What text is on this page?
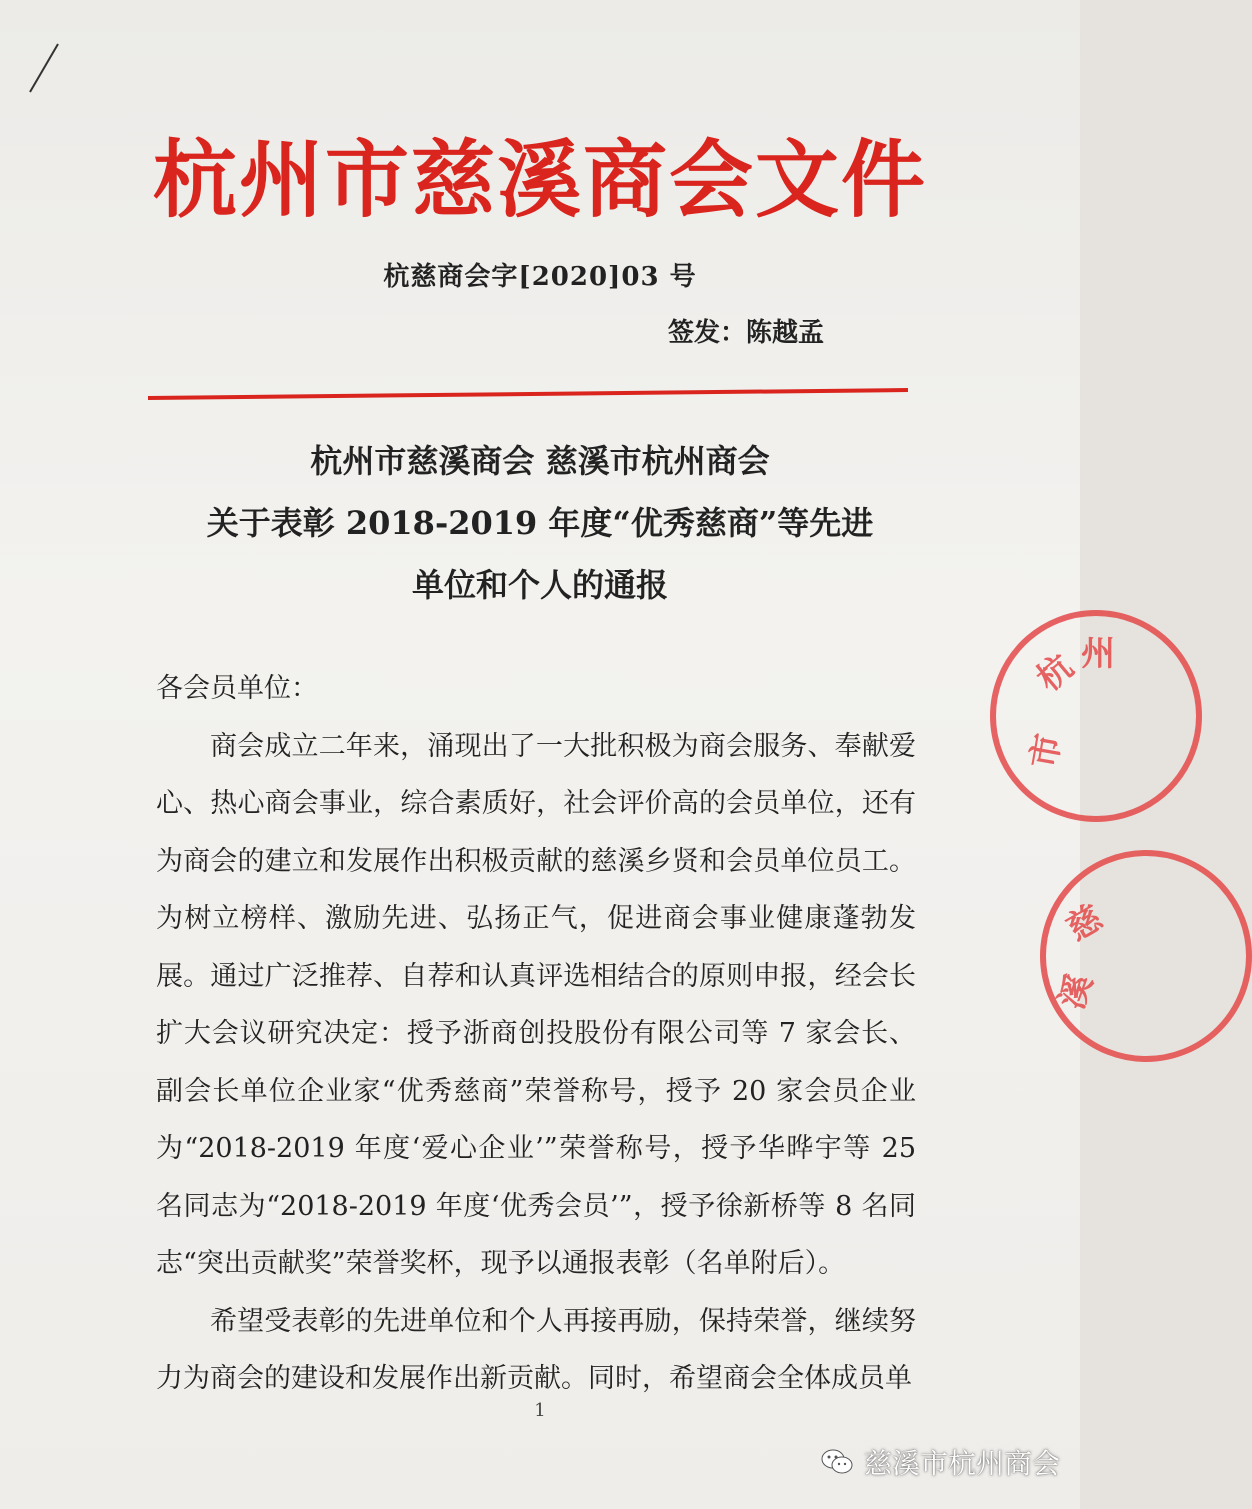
杭州市慈溪商会文件
杭慈商会字[2020]03 号
签发：陈越孟
杭州市慈溪商会 慈溪市杭州商会
关于表彰 2018-2019 年度“优秀慈商”等先进
单位和个人的通报

各会员单位：

商会成立二年来，涌现出了一大批积极为商会服务、奉献爱心、热心商会事业，综合素质好，社会评价高的会员单位，还有为商会的建立和发展作出积极贡献的慈溪乡贤和会员单位员工。为树立榜样、激励先进、弘扬正气，促进商会事业健康蓬勃发展。通过广泛推荐、自荐和认真评选相结合的原则申报，经会长扩大会议研究决定：授予浙商创投股份有限公司等 7 家会长、副会长单位企业家“优秀慈商”荣誉称号，授予 20 家会员企业为“2018-2019 年度‘爱心企业’”荣誉称号，授予华晔宇等 25 名同志为“2018-2019 年度‘优秀会员’”，授予徐新桥等 8 名同志“突出贡献奖”荣誉奖杯，现予以通报表彰（名单附后）。

希望受表彰的先进单位和个人再接再励，保持荣誉，继续努力为商会的建设和发展作出新贡献。同时，希望商会全体成员单

1
杭 州
市
慈
溪
慈溪市杭州商会
